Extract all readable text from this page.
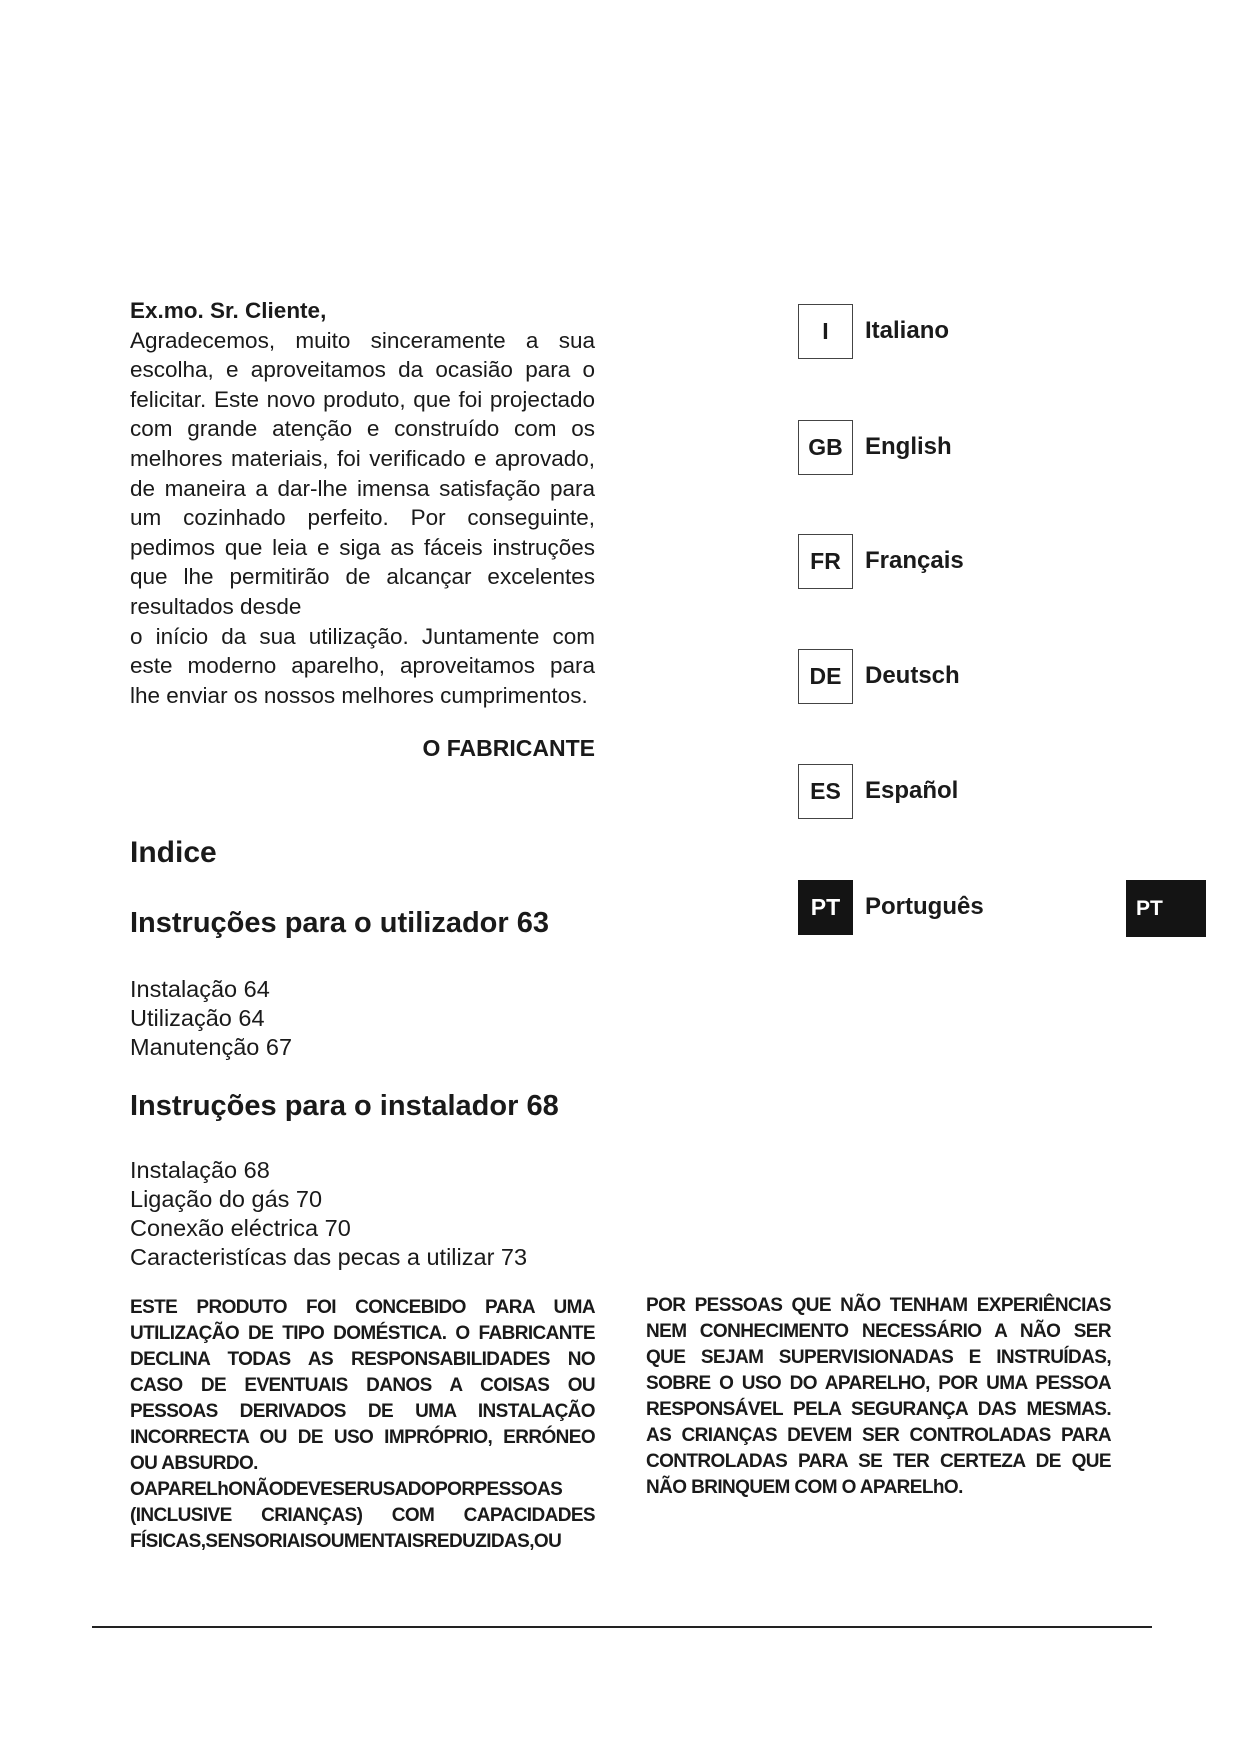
Ex.mo. Sr. Cliente,

Agradecemos, muito sinceramente a sua escolha, e aproveitamos da ocasião para o felicitar. Este novo produto, que foi projectado com grande atenção e construído com os melhores materiais, foi verificado e aprovado, de maneira a dar-lhe imensa satisfação para um cozinhado perfeito. Por conseguinte, pedimos que leia e siga as fáceis instruções que lhe permitirão de alcançar excelentes resultados desde

o início da sua utilização. Juntamente com este moderno aparelho, aproveitamos para lhe enviar os nossos melhores cumprimentos.

O FABRICANTE
Indice
Instruções para o utilizador 63
Instalação 64
Utilização 64
Manutenção 67
Instruções para o instalador 68
Instalação 68
Ligação do gás 70
Conexão eléctrica 70
Caracteristícas das pecas a utilizar 73
I	Italiano
GB English
FR	Français
DE Deutsch
ES	Español
PT	Português	PT
ESTE PRODUTO FOI CONCEBIDO PARA UMA UTILIZAÇÃO DE TIPO DOMÉSTICA. O FABRICANTE DECLINA TODAS AS RESPONSABILIDADES NO CASO DE EVENTUAIS DANOS A COISAS OU PESSOAS DERIVADOS DE UMA INSTALAÇÃO INCORRECTA OU DE USO IMPRÓPRIO, ERRÓNEO OU ABSURDO.
OAPARELhONÃODEVESERUSADOPORPESSOAS (INCLUSIVE CRIANÇAS) COM CAPACIDADES FÍSICAS,SENSORIAISOUMENTAISREDUZIDAS,OU
POR PESSOAS QUE NÃO TENHAM EXPERIÊNCIAS NEM CONHECIMENTO NECESSÁRIO A NÃO SER QUE SEJAM SUPERVISIONADAS E INSTRUÍDAS, SOBRE O USO DO APARELHO, POR UMA PESSOA RESPONSÁVEL PELA SEGURANÇA DAS MESMAS. AS CRIANÇAS DEVEM SER CONTROLADAS PARA CONTROLADAS PARA SE TER CERTEZA DE QUE NÃO BRINQUEM COM O APARELhO.
